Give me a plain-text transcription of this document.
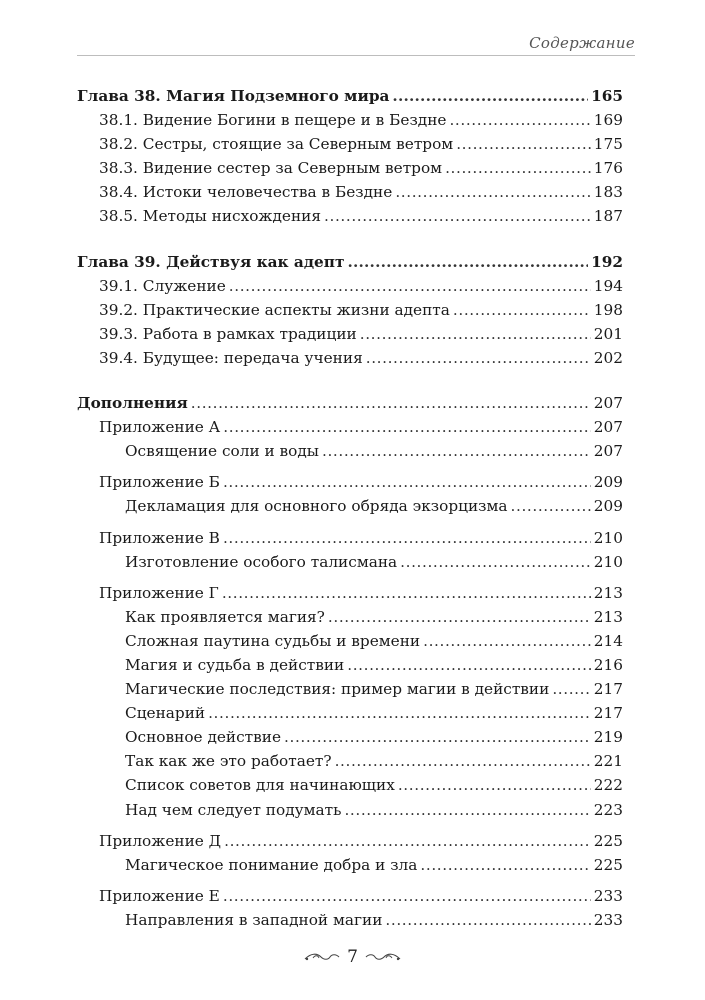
Содержание
Глава 38. Магия Подземного мира .....	165
38.1. Видение Богини в пещере и в Бездне .....	169
38.2. Сестры, стоящие за Северным ветром .....	175
38.3. Видение сестер за Северным ветром .....	176
38.4. Истоки человечества в Бездне .....	183
38.5. Методы нисхождения .....	187
Глава 39. Действуя как адепт .....	192
39.1. Служение .....	194
39.2. Практические аспекты жизни адепта .....	198
39.3. Работа в рамках традиции .....	201
39.4. Будущее: передача учения .....	202
Дополнения .....	207
Приложение А .....	207
Освящение соли и воды .....	207
Приложение Б .....	209
Декламация для основного обряда экзорцизма .....	209
Приложение В .....	210
Изготовление особого талисмана .....	210
Приложение Г .....	213
Как проявляется магия? .....	213
Сложная паутина судьбы и времени .....	214
Магия и судьба в действии .....	216
Магические последствия: пример магии в действии .....	217
Сценарий .....	217
Основное действие .....	219
Так как же это работает? .....	221
Список советов для начинающих .....	222
Над чем следует подумать .....	223
Приложение Д .....	225
Магическое понимание добра и зла .....	225
Приложение Е .....	233
Направления в западной магии .....	233
7
